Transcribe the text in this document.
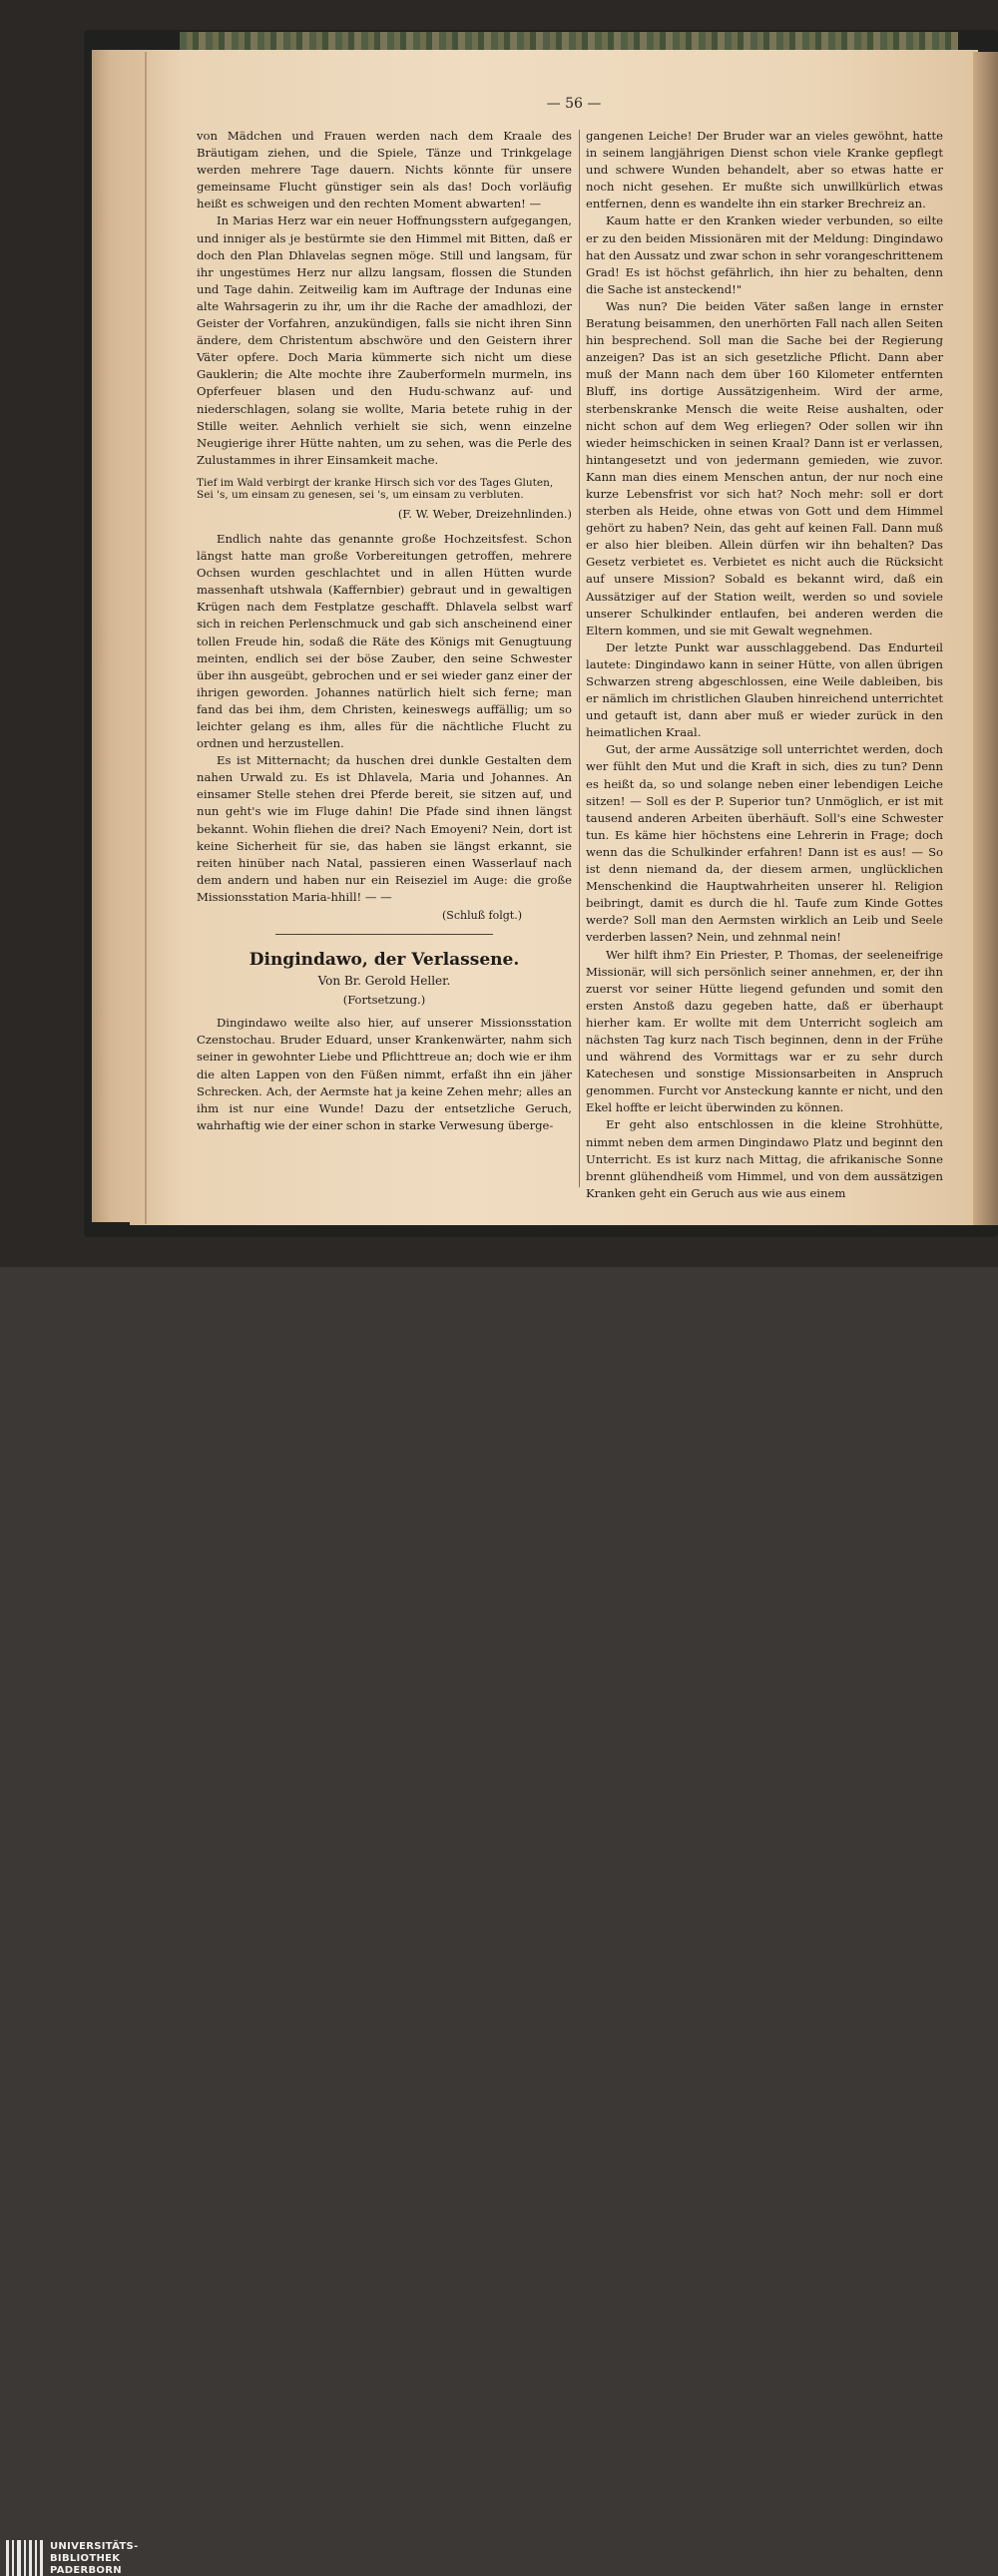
— 56 —

von Mädchen und Frauen werden nach dem Kraale des Bräutigam ziehen, und die Spiele, Tänze und Trinkgelage werden mehrere Tage dauern. Nichts könnte für unsere gemeinsame Flucht günstiger sein als das! Doch vorläufig heißt es schweigen und den rechten Moment abwarten! —

In Marias Herz war ein neuer Hoffnungsstern aufgegangen, und inniger als je bestürmte sie den Himmel mit Bitten, daß er doch den Plan Dhlavelas segnen möge. Still und langsam, für ihr ungestümes Herz nur allzu langsam, flossen die Stunden und Tage dahin. Zeitweilig kam im Auftrage der Indunas eine alte Wahrsagerin zu ihr, um ihr die Rache der amadhlozi, der Geister der Vorfahren, anzukündigen, falls sie nicht ihren Sinn ändere, dem Christentum abschwöre und den Geistern ihrer Väter opfere. Doch Maria kümmerte sich nicht um diese Gauklerin; die Alte mochte ihre Zauberformeln murmeln, ins Opferfeuer blasen und den Hudu-schwanz auf- und niederschlagen, solang sie wollte, Maria betete ruhig in der Stille weiter. Aehnlich verhielt sie sich, wenn einzelne Neugierige ihrer Hütte nahten, um zu sehen, was die Perle des Zulustammes in ihrer Einsamkeit mache.

Tief im Wald verbirgt der kranke Hirsch sich vor des Tages Gluten,
Sei 's, um einsam zu genesen, sei 's, um einsam zu verbluten.
(F. W. Weber, Dreizehnlinden.)

Endlich nahte das genannte große Hochzeitsfest. Schon längst hatte man große Vorbereitungen getroffen, mehrere Ochsen wurden geschlachtet und in allen Hütten wurde massenhaft utshwala (Kaffernbier) gebraut und in gewaltigen Krügen nach dem Festplatze geschafft. Dhlavela selbst warf sich in reichen Perlenschmuck und gab sich anscheinend einer tollen Freude hin, sodaß die Räte des Königs mit Genugtuung meinten, endlich sei der böse Zauber, den seine Schwester über ihn ausgeübt, gebrochen und er sei wieder ganz einer der ihrigen geworden. Johannes natürlich hielt sich ferne; man fand das bei ihm, dem Christen, keineswegs auffällig; um so leichter gelang es ihm, alles für die nächtliche Flucht zu ordnen und herzustellen.

Es ist Mitternacht; da huschen drei dunkle Gestalten dem nahen Urwald zu. Es ist Dhlavela, Maria und Johannes. An einsamer Stelle stehen drei Pferde bereit, sie sitzen auf, und nun geht's wie im Fluge dahin! Die Pfade sind ihnen längst bekannt. Wohin fliehen die drei? Nach Emoyeni? Nein, dort ist keine Sicherheit für sie, das haben sie längst erkannt, sie reiten hinüber nach Natal, passieren einen Wasserlauf nach dem andern und haben nur ein Reiseziel im Auge: die große Missionsstation Maria-hhill! — —

(Schluß folgt.)
Dingindawo, der Verlassene.
Von Br. Gerold Heller.
(Fortsetzung.)

Dingindawo weilte also hier, auf unserer Missionsstation Czenstochau. Bruder Eduard, unser Krankenwärter, nahm sich seiner in gewohnter Liebe und Pflichttreue an; doch wie er ihm die alten Lappen von den Füßen nimmt, erfaßt ihn ein jäher Schrecken. Ach, der Aermste hat ja keine Zehen mehr; alles an ihm ist nur eine Wunde! Dazu der entsetzliche Geruch, wahrhaftig wie der einer schon in starke Verwesung überge-

gangenen Leiche! Der Bruder war an vieles gewöhnt, hatte in seinem langjährigen Dienst schon viele Kranke gepflegt und schwere Wunden behandelt, aber so etwas hatte er noch nicht gesehen. Er mußte sich unwillkürlich etwas entfernen, denn es wandelte ihn ein starker Brechreiz an.

Kaum hatte er den Kranken wieder verbunden, so eilte er zu den beiden Missionären mit der Meldung: Dingindawo hat den Aussatz und zwar schon in sehr vorangeschrittenem Grad! Es ist höchst gefährlich, ihn hier zu behalten, denn die Sache ist ansteckend!"

Was nun? Die beiden Väter saßen lange in ernster Beratung beisammen, den unerhörten Fall nach allen Seiten hin besprechend. Soll man die Sache bei der Regierung anzeigen? Das ist an sich gesetzliche Pflicht. Dann aber muß der Mann nach dem über 160 Kilometer entfernten Bluff, ins dortige Aussätzigenheim. Wird der arme, sterbenskranke Mensch die weite Reise aushalten, oder nicht schon auf dem Weg erliegen? Oder sollen wir ihn wieder heimschicken in seinen Kraal? Dann ist er verlassen, hintangesetzt und von jedermann gemieden, wie zuvor. Kann man dies einem Menschen antun, der nur noch eine kurze Lebensfrist vor sich hat? Noch mehr: soll er dort sterben als Heide, ohne etwas von Gott und dem Himmel gehört zu haben? Nein, das geht auf keinen Fall. Dann muß er also hier bleiben. Allein dürfen wir ihn behalten? Das Gesetz verbietet es. Verbietet es nicht auch die Rücksicht auf unsere Mission? Sobald es bekannt wird, daß ein Aussätziger auf der Station weilt, werden so und soviele unserer Schulkinder entlaufen, bei anderen werden die Eltern kommen, und sie mit Gewalt wegnehmen.

Der letzte Punkt war ausschlaggebend. Das Endurteil lautete: Dingindawo kann in seiner Hütte, von allen übrigen Schwarzen streng abgeschlossen, eine Weile dableiben, bis er nämlich im christlichen Glauben hinreichend unterrichtet und getauft ist, dann aber muß er wieder zurück in den heimatlichen Kraal.

Gut, der arme Aussätzige soll unterrichtet werden, doch wer fühlt den Mut und die Kraft in sich, dies zu tun? Denn es heißt da, so und solange neben einer lebendigen Leiche sitzen! — Soll es der P. Superior tun? Unmöglich, er ist mit tausend anderen Arbeiten überhäuft. Soll's eine Schwester tun. Es käme hier höchstens eine Lehrerin in Frage; doch wenn das die Schulkinder erfahren! Dann ist es aus! — So ist denn niemand da, der diesem armen, unglücklichen Menschenkind die Hauptwahrheiten unserer hl. Religion beibringt, damit es durch die hl. Taufe zum Kinde Gottes werde? Soll man den Aermsten wirklich an Leib und Seele verderben lassen? Nein, und zehnmal nein!

Wer hilft ihm? Ein Priester, P. Thomas, der seeleneifrige Missionär, will sich persönlich seiner annehmen, er, der ihn zuerst vor seiner Hütte liegend gefunden und somit den ersten Anstoß dazu gegeben hatte, daß er überhaupt hierher kam. Er wollte mit dem Unterricht sogleich am nächsten Tag kurz nach Tisch beginnen, denn in der Frühe und während des Vormittags war er zu sehr durch Katechesen und sonstige Missionsarbeiten in Anspruch genommen. Furcht vor Ansteckung kannte er nicht, und den Ekel hoffte er leicht überwinden zu können.

Er geht also entschlossen in die kleine Strohhütte, nimmt neben dem armen Dingindawo Platz und beginnt den Unterricht. Es ist kurz nach Mittag, die afrikanische Sonne brennt glühendheiß vom Himmel, und von dem aussätzigen Kranken geht ein Geruch aus wie aus einem

UNIVERSITÄTS-
BIBLIOTHEK
PADERBORN
